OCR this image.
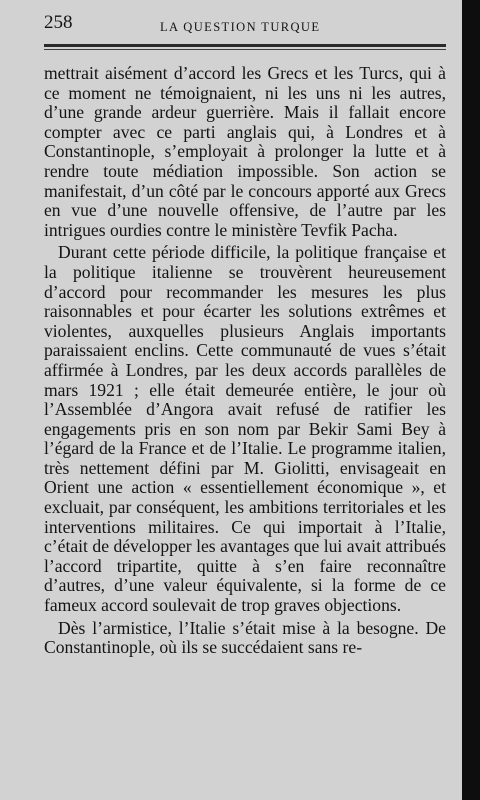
258	LA QUESTION TURQUE

mettrait aisément d’accord les Grecs et les Turcs, qui à ce moment ne témoignaient, ni les uns ni les autres, d’une grande ardeur guerrière. Mais il fallait encore compter avec ce parti anglais qui, à Londres et à Constantinople, s’employait à prolonger la lutte et à rendre toute médiation impossible. Son action se manifestait, d’un côté par le concours apporté aux Grecs en vue d’une nouvelle offensive, de l’autre par les intrigues ourdies contre le ministère Tevfik Pacha.

Durant cette période difficile, la politique française et la politique italienne se trouvèrent heureusement d’accord pour recommander les mesures les plus raisonnables et pour écarter les solutions extrêmes et violentes, auxquelles plusieurs Anglais importants paraissaient enclins. Cette communauté de vues s’était affirmée à Londres, par les deux accords parallèles de mars 1921 ; elle était demeurée entière, le jour où l’Assemblée d’Angora avait refusé de ratifier les engagements pris en son nom par Bekir Sami Bey à l’égard de la France et de l’Italie. Le programme italien, très nettement défini par M. Giolitti, envisageait en Orient une action « essentiellement économique », et excluait, par conséquent, les ambitions territoriales et les interventions militaires. Ce qui importait à l’Italie, c’était de développer les avantages que lui avait attribués l’accord tripartite, quitte à s’en faire reconnaître d’autres, d’une valeur équivalente, si la forme de ce fameux accord soulevait de trop graves objections.

Dès l’armistice, l’Italie s’était mise à la besogne. De Constantinople, où ils se succédaient sans re-
